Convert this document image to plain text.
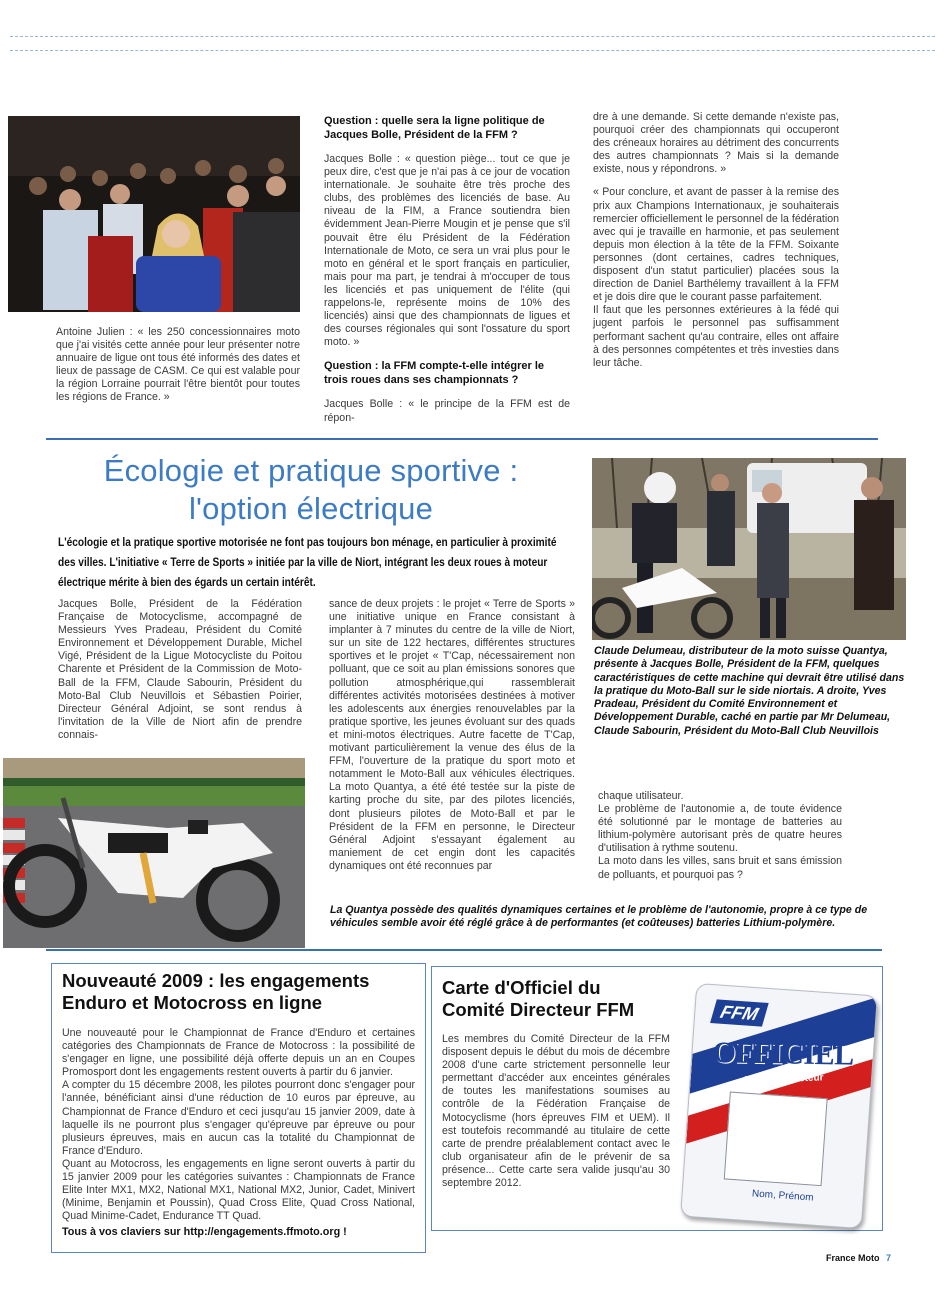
Antoine Julien : « les 250 concessionnaires moto que j'ai visités cette année pour leur présenter notre annuaire de ligue ont tous été informés des dates et lieux de passage de CASM. Ce qui est valable pour la région Lorraine pourrait l'être bientôt pour toutes les régions de France. »
Question : quelle sera la ligne politique de Jacques Bolle, Président de la FFM ?
Jacques Bolle : « question piège... tout ce que je peux dire, c'est que je n'ai pas à ce jour de vocation internationale. Je souhaite être très proche des clubs, des problèmes des licenciés de base. Au niveau de la FIM, a France soutiendra bien évidemment Jean-Pierre Mougin et je pense que s'il pouvait être élu Président de la Fédération Internationale de Moto, ce sera un vrai plus pour le moto en général et le sport français en particulier, mais pour ma part, je tendrai à m'occuper de tous les licenciés et pas uniquement de l'élite (qui rappelons-le, représente moins de 10% des licenciés) ainsi que des championnats de ligues et des courses régionales qui sont l'ossature du sport moto. »
Question : la FFM compte-t-elle intégrer le trois roues dans ses championnats ?
Jacques Bolle : « le principe de la FFM est de répon-

dre à une demande. Si cette demande n'existe pas, pourquoi créer des championnats qui occuperont des créneaux horaires au détriment des concurrents des autres championnats ? Mais si la demande existe, nous y répondrons. »

« Pour conclure, et avant de passer à la remise des prix aux Champions Internationaux, je souhaiterais remercier officiellement le personnel de la fédération avec qui je travaille en harmonie, et pas seulement depuis mon élection à la tête de la FFM. Soixante personnes (dont certaines, cadres techniques, disposent d'un statut particulier) placées sous la direction de Daniel Barthélemy travaillent à la FFM et je dois dire que le courant passe parfaitement.

Il faut que les personnes extérieures à la fédé qui jugent parfois le personnel pas suffisamment performant sachent qu'au contraire, elles ont affaire à des personnes compétentes et très investies dans leur tâche.

Écologie et pratique sportive :
l'option électrique
L'écologie et la pratique sportive motorisée ne font pas toujours bon ménage, en particulier à proximité des villes. L'initiative « Terre de Sports » initiée par la ville de Niort, intégrant les deux roues à moteur électrique mérite à bien des égards un certain intérêt.
Claude Delumeau, distributeur de la moto suisse Quantya, présente à Jacques Bolle, Président de la FFM, quelques caractéristiques de cette machine qui devrait être utilisé dans la pratique du Moto-Ball sur le side niortais. A droite, Yves Pradeau, Président du Comité Environnement et Développement Durable, caché en partie par Mr Delumeau, Claude Sabourin, Président du Moto-Ball Club Neuvillois
Jacques Bolle, Président de la Fédération Française de Motocyclisme, accompagné de Messieurs Yves Pradeau, Président du Comité Environnement et Développement Durable, Michel Vigé, Président de la Ligue Motocycliste du Poitou Charente et Président de la Commission de Moto-Ball de la FFM, Claude Sabourin, Président du Moto-Bal Club Neuvillois et Sébastien Poirier, Directeur Général Adjoint, se sont rendus à l'invitation de la Ville de Niort afin de prendre connais-
sance de deux projets : le projet « Terre de Sports » une initiative unique en France consistant à implanter à 7 minutes du centre de la ville de Niort, sur un site de 122 hectares, différentes structures sportives et le projet « T'Cap, nécessairement non polluant, que ce soit au plan émissions sonores que pollution atmosphérique,qui rassemblerait différentes activités motorisées destinées à motiver les adolescents aux énergies renouvelables par la pratique sportive, les jeunes évoluant sur des quads et mini-motos électriques. Autre facette de T'Cap, motivant particulièrement la venue des élus de la FFM, l'ouverture de la pratique du sport moto et notamment le Moto-Ball aux véhicules électriques. La moto Quantya, a été été testée sur la piste de karting proche du site, par des pilotes licenciés, dont plusieurs pilotes de Moto-Ball et par le Président de la FFM en personne, le Directeur Général Adjoint s'essayant également au maniement de cet engin dont les capacités dynamiques ont été reconnues par

chaque utilisateur.

Le problème de l'autonomie a, de toute évidence été solutionné par le montage de batteries au lithium-polymère autorisant près de quatre heures d'utilisation à rythme soutenu.

La moto dans les villes, sans bruit et sans émission de polluants, et pourquoi pas ?

La Quantya possède des qualités dynamiques certaines et le problème de l'autonomie, propre à ce type de véhicules semble avoir été réglé grâce à de performantes (et coûteuses) batteries Lithium-polymère.
Nouveauté 2009 : les engagements
Enduro et Motocross en ligne

Une nouveauté pour le Championnat de France d'Enduro et certaines catégories des Championnats de France de Motocross : la possibilité de s'engager en ligne, une possibilité déjà offerte depuis un an en Coupes Promosport dont les engagements restent ouverts à partir du 6 janvier.

A compter du 15 décembre 2008, les pilotes pourront donc s'engager pour l'année, bénéficiant ainsi d'une réduction de 10 euros par épreuve, au Championnat de France d'Enduro et ceci jusqu'au 15 janvier 2009, date à laquelle ils ne pourront plus s'engager qu'épreuve par épreuve ou pour plusieurs épreuves, mais en aucun cas la totalité du Championnat de France d'Enduro.

Quant au Motocross, les engagements en ligne seront ouverts à partir du 15 janvier 2009 pour les catégories suivantes : Championnats de France Elite Inter MX1, MX2, National MX1, National MX2, Junior, Cadet, Minivert (Minime, Benjamin et Poussin), Quad Cross Elite, Quad Cross National, Quad Minime-Cadet, Endurance TT Quad.

Tous à vos claviers sur http://engagements.ffmoto.org !
Carte d'Officiel du
Comité Directeur FFM
Les membres du Comité Directeur de la FFM disposent depuis le début du mois de décembre 2008 d'une carte strictement personnelle leur permettant d'accéder aux enceintes générales de toutes les manifestations soumises au contrôle de la Fédération Française de Motocyclisme (hors épreuves FIM et UEM). Il est toutefois recommandé au titulaire de cette carte de prendre préalablement contact avec le club organisateur afin de le prévenir de sa présence... Cette carte sera valide jusqu'au 30 septembre 2012.
FFM
OFFICIEL
Comité Directeur
Nom, Prénom
France Moto 7
